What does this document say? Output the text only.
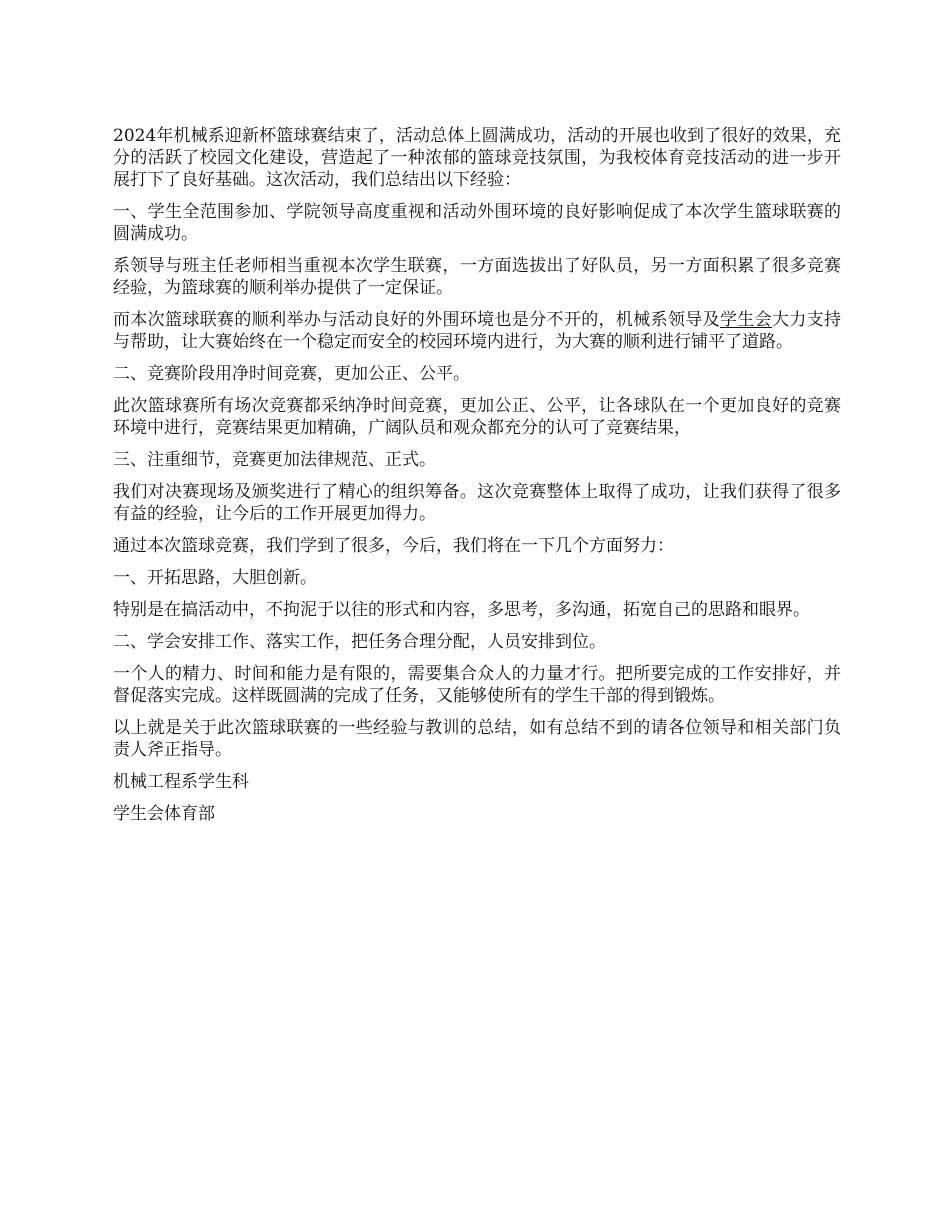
2024年机械系迎新杯篮球赛结束了，活动总体上圆满成功，活动的开展也收到了很好的效果，充分的活跃了校园文化建设，营造起了一种浓郁的篮球竞技氛围，为我校体育竞技活动的进一步开展打下了良好基础。这次活动，我们总结出以下经验：

一、学生全范围参加、学院领导高度重视和活动外围环境的良好影响促成了本次学生篮球联赛的圆满成功。

系领导与班主任老师相当重视本次学生联赛，一方面选拔出了好队员，另一方面积累了很多竞赛经验，为篮球赛的顺利举办提供了一定保证。

而本次篮球联赛的顺利举办与活动良好的外围环境也是分不开的，机械系领导及学生会大力支持与帮助，让大赛始终在一个稳定而安全的校园环境内进行，为大赛的顺利进行铺平了道路。

二、竞赛阶段用净时间竞赛，更加公正、公平。

此次篮球赛所有场次竞赛都采纳净时间竞赛，更加公正、公平，让各球队在一个更加良好的竞赛环境中进行，竞赛结果更加精确，广阔队员和观众都充分的认可了竞赛结果，

三、注重细节，竞赛更加法律规范、正式。

我们对决赛现场及颁奖进行了精心的组织筹备。这次竞赛整体上取得了成功，让我们获得了很多有益的经验，让今后的工作开展更加得力。

通过本次篮球竞赛，我们学到了很多，今后，我们将在一下几个方面努力：

一、开拓思路，大胆创新。

特别是在搞活动中，不拘泥于以往的形式和内容，多思考，多沟通，拓宽自己的思路和眼界。

二、学会安排工作、落实工作，把任务合理分配，人员安排到位。

一个人的精力、时间和能力是有限的，需要集合众人的力量才行。把所要完成的工作安排好，并督促落实完成。这样既圆满的完成了任务，又能够使所有的学生干部的得到锻炼。

以上就是关于此次篮球联赛的一些经验与教训的总结，如有总结不到的请各位领导和相关部门负责人斧正指导。

机械工程系学生科

学生会体育部
